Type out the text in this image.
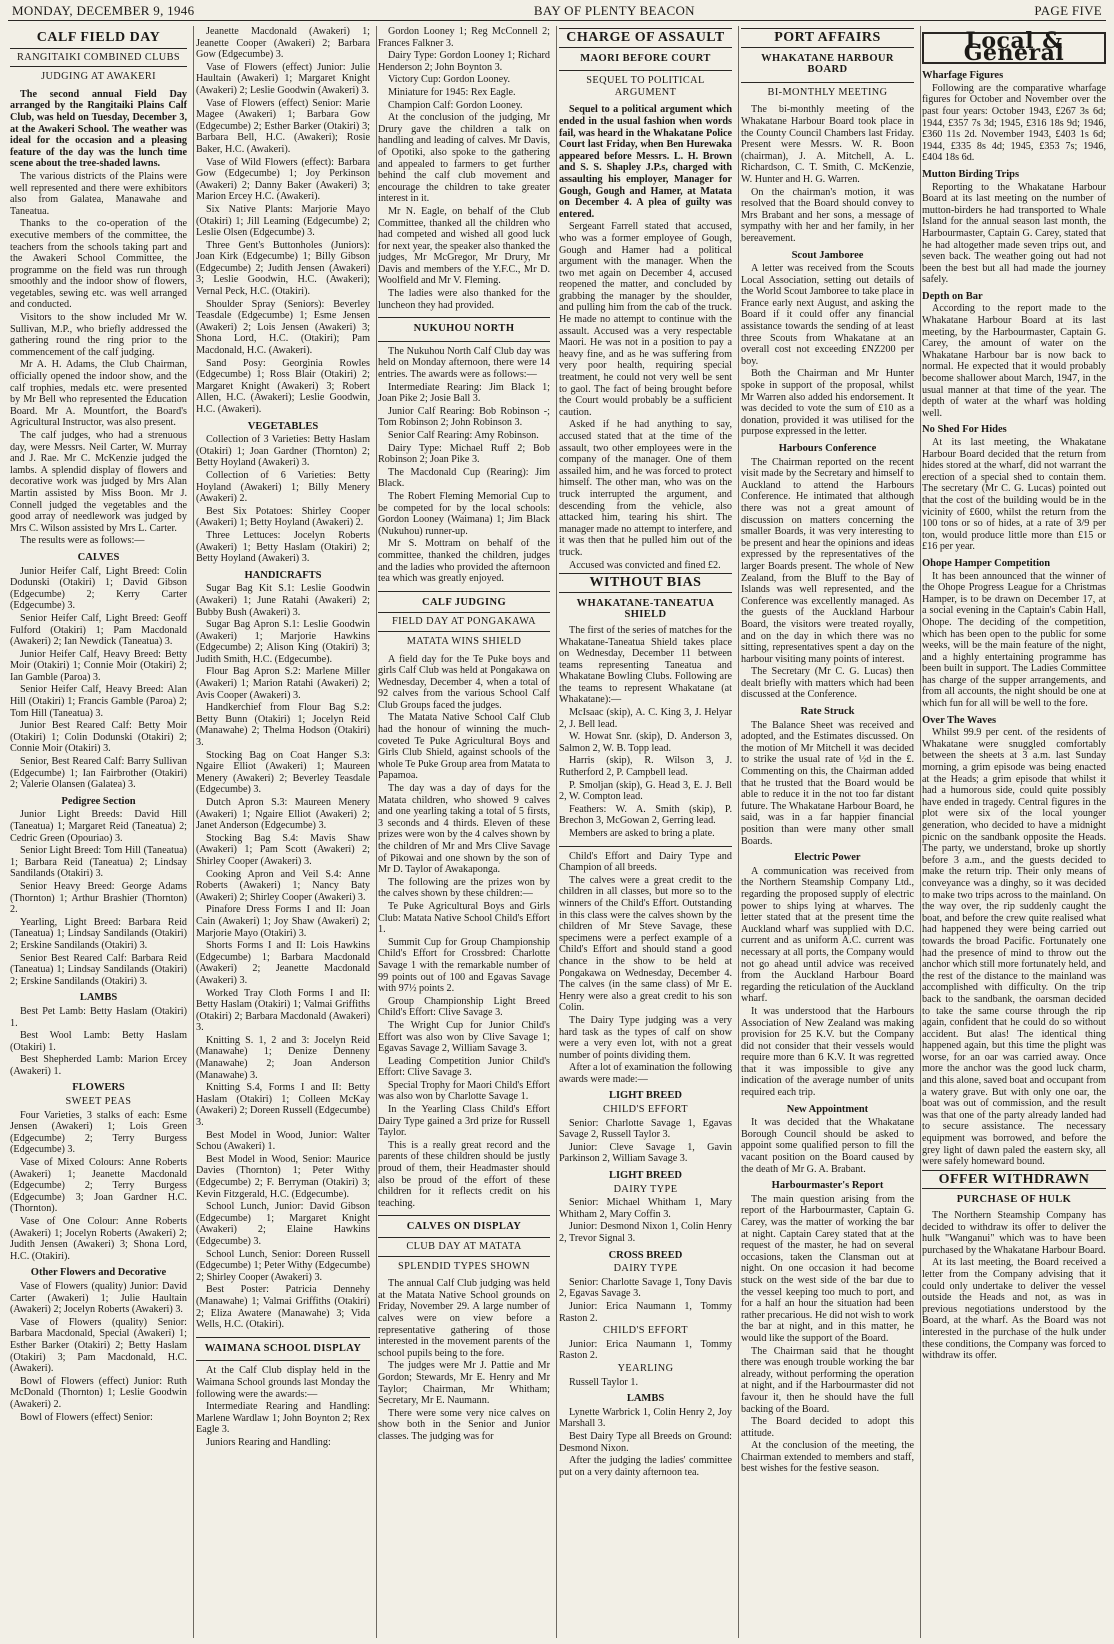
MONDAY, DECEMBER 9, 1946	BAY OF PLENTY BEACON	PAGE FIVE
CALF FIELD DAY
RANGITAIKI COMBINED CLUBS
JUDGING AT AWAKERI

The second annual Field Day arranged by the Rangitaiki Plains Calf Club, was held on Tuesday, December 3, at the Awakeri School. The weather was ideal for the occasion and a pleasing feature of the day was the lunch time scene about the tree-shaded lawns.

The various districts of the Plains were well represented and there were exhibitors also from Galatea, Manawahe and Taneatua.

Thanks to the co-operation of the executive members of the committee, the teachers from the schools taking part and the Awakeri School Committee, the programme on the field was run through smoothly and the indoor show of flowers, vegetables, sewing etc. was well arranged and conducted.

Visitors to the show included Mr W. Sullivan, M.P., who briefly addressed the gathering round the ring prior to the commencement of the calf judging.

Mr A. H. Adams, the Club Chairman, officially opened the indoor show, and the calf trophies, medals etc. were presented by Mr Bell who represented the Education Board. Mr A. Mountfort, the Board's Agricultural Instructor, was also present.

The calf judges, who had a strenuous day, were Messrs. Neil Carter, W. Murray and J. Rae. Mr C. McKenzie judged the lambs. A splendid display of flowers and decorative work was judged by Mrs Alan Martin assisted by Miss Boon. Mr J. Connell judged the vegetables and the good array of needlework was judged by Mrs C. Wilson assisted by Mrs L. Carter.

The results were as follows:—

CALVES

Junior Heifer Calf, Light Breed: Colin Dodunski (Otakiri) 1; David Gibson (Edgecumbe) 2; Kerry Carter (Edgecumbe) 3.

Senior Heifer Calf, Light Breed: Geoff Fulford (Otakiri) 1; Pam Macdonald (Awakeri) 2; Ian Newdick (Taneatua) 3.

Junior Heifer Calf, Heavy Breed: Betty Moir (Otakiri) 1; Connie Moir (Otakiri) 2; Ian Gamble (Paroa) 3.

Senior Heifer Calf, Heavy Breed: Alan Hill (Otakiri) 1; Francis Gamble (Paroa) 2; Tom Hill (Taneatua) 3.

Junior Best Reared Calf: Betty Moir (Otakiri) 1; Colin Dodunski (Otakiri) 2; Connie Moir (Otakiri) 3.

Senior, Best Reared Calf: Barry Sullivan (Edgecumbe) 1; Ian Fairbrother (Otakiri) 2; Valerie Olansen (Galatea) 3.

Pedigree Section

Junior Light Breeds: David Hill (Taneatua) 1; Margaret Reid (Taneatua) 2; Cedric Green (Opouriao) 3.

Senior Light Breed: Tom Hill (Taneatua) 1; Barbara Reid (Taneatua) 2; Lindsay Sandilands (Otakiri) 3.

Senior Heavy Breed: George Adams (Thornton) 1; Arthur Brashier (Thornton) 2.

Yearling, Light Breed: Barbara Reid (Taneatua) 1; Lindsay Sandilands (Otakiri) 2; Erskine Sandilands (Otakiri) 3.

Senior Best Reared Calf: Barbara Reid (Taneatua) 1; Lindsay Sandilands (Otakiri) 2; Erskine Sandilands (Otakiri) 3.

LAMBS

Best Pet Lamb: Betty Haslam (Otakiri) 1.

Best Wool Lamb: Betty Haslam (Otakiri) 1.

Best Shepherded Lamb: Marion Ercey (Awakeri) 1.

FLOWERS
SWEET PEAS

Four Varieties, 3 stalks of each: Esme Jensen (Awakeri) 1; Lois Green (Edgecumbe) 2; Terry Burgess (Edgecumbe) 3.

Vase of Mixed Colours: Anne Roberts (Awakeri) 1; Jeanette Macdonald (Edgecumbe) 2; Terry Burgess (Edgecumbe) 3; Joan Gardner H.C. (Thornton).

Vase of One Colour: Anne Roberts (Awakeri) 1; Jocelyn Roberts (Awakeri) 2; Judith Jensen (Awakeri) 3; Shona Lord, H.C. (Otakiri).

Other Flowers and Decorative

Vase of Flowers (quality) Junior: David Carter (Awakeri) 1; Julie Haultain (Awakeri) 2; Jocelyn Roberts (Awakeri) 3.

Vase of Flowers (quality) Senior: Barbara Macdonald, Special (Awakeri) 1; Esther Barker (Otakiri) 2; Betty Haslam (Otakiri) 3; Pam Macdonald, H.C. (Awakeri).

Bowl of Flowers (effect) Junior: Ruth McDonald (Thornton) 1; Leslie Goodwin (Awakeri) 2.

Bowl of Flowers (effect) Senior:

Jeanette Macdonald (Awakeri) 1; Jeanette Cooper (Awakeri) 2; Barbara Gow (Edgecumbe) 3.

Vase of Flowers (effect) Junior: Julie Haultain (Awakeri) 1; Margaret Knight (Awakeri) 2; Leslie Goodwin (Awakeri) 3.

Vase of Flowers (effect) Senior: Marie Magee (Awakeri) 1; Barbara Gow (Edgecumbe) 2; Esther Barker (Otakiri) 3; Barbara Bell, H.C. (Awakeri); Rosie Baker, H.C. (Awakeri).

Vase of Wild Flowers (effect): Barbara Gow (Edgecumbe) 1; Joy Perkinson (Awakeri) 2; Danny Baker (Awakeri) 3; Marion Ercey H.C. (Awakeri).

Six Native Plants: Marjorie Mayo (Otakiri) 1; Jill Leaming (Edgecumbe) 2; Leslie Olsen (Edgecumbe) 3.

Three Gent's Buttonholes (Juniors): Joan Kirk (Edgecumbe) 1; Billy Gibson (Edgecumbe) 2; Judith Jensen (Awakeri) 3; Leslie Goodwin, H.C. (Awakeri); Vernal Peck, H.C. (Otakiri).

Shoulder Spray (Seniors): Beverley Teasdale (Edgecumbe) 1; Esme Jensen (Awakeri) 2; Lois Jensen (Awakeri) 3; Shona Lord, H.C. (Otakiri); Pam Macdonald, H.C. (Awakeri).

Sand Posy: Georginia Rowles (Edgecumbe) 1; Ross Blair (Otakiri) 2; Margaret Knight (Awakeri) 3; Robert Allen, H.C. (Awakeri); Leslie Goodwin, H.C. (Awakeri).

VEGETABLES

Collection of 3 Varieties: Betty Haslam (Otakiri) 1; Joan Gardner (Thornton) 2; Betty Hoyland (Awakeri) 3.

Collection of 6 Varieties: Betty Hoyland (Awakeri) 1; Billy Menery (Awakeri) 2.

Best Six Potatoes: Shirley Cooper (Awakeri) 1; Betty Hoyland (Awakeri) 2.

Three Lettuces: Jocelyn Roberts (Awakeri) 1; Betty Haslam (Otakiri) 2; Betty Hoyland (Awakeri) 3.

HANDICRAFTS

Sugar Bag Kit S.1: Leslie Goodwin (Awakeri) 1; June Ratahi (Awakeri) 2; Bubby Bush (Awakeri) 3.

Sugar Bag Apron S.1: Leslie Goodwin (Awakeri) 1; Marjorie Hawkins (Edgecumbe) 2; Alison King (Otakiri) 3; Judith Smith, H.C. (Edgecumbe).

Flour Bag Apron S.2: Marlene Miller (Awakeri) 1; Marion Ratahi (Awakeri) 2; Avis Cooper (Awakeri) 3.

Handkerchief from Flour Bag S.2: Betty Bunn (Otakiri) 1; Jocelyn Reid (Manawahe) 2; Thelma Hodson (Otakiri) 3.

Stocking Bag on Coat Hanger S.3: Ngaire Elliot (Awakeri) 1; Maureen Menery (Awakeri) 2; Beverley Teasdale (Edgecumbe) 3.

Dutch Apron S.3: Maureen Menery (Awakeri) 1; Ngaire Elliot (Awakeri) 2; Janet Anderson (Edgecumbe) 3.

Stocking Bag S.4: Mavis Shaw (Awakeri) 1; Pam Scott (Awakeri) 2; Shirley Cooper (Awakeri) 3.

Cooking Apron and Veil S.4: Anne Roberts (Awakeri) 1; Nancy Baty (Awakeri) 2; Shirley Cooper (Awakeri) 3.

Pinafore Dress Forms I and II: Joan Cain (Awakeri) 1; Joy Shaw (Awakeri) 2; Marjorie Mayo (Otakiri) 3.

Shorts Forms I and II: Lois Hawkins (Edgecumbe) 1; Barbara Macdonald (Awakeri) 2; Jeanette Macdonald (Awakeri) 3.

Worked Tray Cloth Forms I and II: Betty Haslam (Otakiri) 1; Valmai Griffiths (Otakiri) 2; Barbara Macdonald (Awakeri) 3.

Knitting S. 1, 2 and 3: Jocelyn Reid (Manawahe) 1; Denize Denneny (Manawahe) 2; Joan Anderson (Manawahe) 3.

Knitting S.4, Forms I and II: Betty Haslam (Otakiri) 1; Colleen McKay (Awakeri) 2; Doreen Russell (Edgecumbe) 3.

Best Model in Wood, Junior: Walter Schou (Awakeri) 1.

Best Model in Wood, Senior: Maurice Davies (Thornton) 1; Peter Withy (Edgecumbe) 2; F. Berryman (Otakiri) 3; Kevin Fitzgerald, H.C. (Edgecumbe).

School Lunch, Junior: David Gibson (Edgecumbe) 1; Margaret Knight (Awakeri) 2; Elaine Hawkins (Edgecumbe) 3.

School Lunch, Senior: Doreen Russell (Edgecumbe) 1; Peter Withy (Edgecumbe) 2; Shirley Cooper (Awakeri) 3.

Best Poster: Patricia Dennehy (Manawahe) 1; Valmai Griffiths (Otakiri) 2; Eliza Awatere (Manawahe) 3; Vida Wells, H.C. (Otakiri).

WAIMANA SCHOOL DISPLAY

At the Calf Club display held in the Waimana School grounds last Monday the following were the awards:—

Intermediate Rearing and Handling: Marlene Wardlaw 1; John Boynton 2; Rex Eagle 3.

Juniors Rearing and Handling:

Gordon Looney 1; Reg McConnell 2; Frances Falkner 3.

Dairy Type: Gordon Looney 1; Richard Henderson 2; John Boynton 3.

Victory Cup: Gordon Looney.

Miniature for 1945: Rex Eagle.

Champion Calf: Gordon Looney.

At the conclusion of the judging, Mr Drury gave the children a talk on handling and leading of calves. Mr Davis, of Opotiki, also spoke to the gathering and appealed to farmers to get further behind the calf club movement and encourage the children to take greater interest in it.

Mr N. Eagle, on behalf of the Club Committee, thanked all the children who had competed and wished all good luck for next year, the speaker also thanked the judges, Mr McGregor, Mr Drury, Mr Davis and members of the Y.F.C., Mr D. Woolfield and Mr V. Fleming.

The ladies were also thanked for the luncheon they had provided.

NUKUHOU NORTH

The Nukuhou North Calf Club day was held on Monday afternoon, there were 14 entries. The awards were as follows:—

Intermediate Rearing: Jim Black 1; Joan Pike 2; Josie Ball 3.

Junior Calf Rearing: Bob Robinson -; Tom Robinson 2; John Robinson 3.

Senior Calf Rearing: Amy Robinson.

Dairy Type: Michael Ruff 2; Bob Robinson 2; Joan Pike 3.

The Macdonald Cup (Rearing): Jim Black.

The Robert Fleming Memorial Cup to be competed for by the local schools: Gordon Looney (Waimana) 1; Jim Black (Nukuhou) runner-up.

Mr S. Mottram on behalf of the committee, thanked the children, judges and the ladies who provided the afternoon tea which was greatly enjoyed.

CALF JUDGING
FIELD DAY AT PONGAKAWA
MATATA WINS SHIELD

A field day for the Te Puke boys and girls Calf Club was held at Pongakawa on Wednesday, December 4, when a total of 92 calves from the various School Calf Club Groups faced the judges.

The Matata Native School Calf Club had the honour of winning the much-coveted Te Puke Agricultural Boys and Girls Club Shield, against schools of the whole Te Puke Group area from Matata to Papamoa.

The day was a day of days for the Matata children, who showed 9 calves and one yearling taking a total of 5 firsts, 3 seconds and 4 thirds. Eleven of these prizes were won by the 4 calves shown by the children of Mr and Mrs Clive Savage of Pikowai and one shown by the son of Mr D. Taylor of Awakaponga.

The following are the prizes won by the calves shown by these children:—

Te Puke Agricultural Boys and Girls Club: Matata Native School Child's Effort 1.

Summit Cup for Group Championship Child's Effort for Crossbred: Charlotte Savage 1 with the remarkable number of 99 points out of 100 and Egavas Savage with 97½ points 2.

Group Championship Light Breed Child's Effort: Clive Savage 3.

The Wright Cup for Junior Child's Effort was also won by Clive Savage 1; Egavas Savage 2, William Savage 3.

Leading Competition Junior Child's Effort: Clive Savage 3.

Special Trophy for Maori Child's Effort was also won by Charlotte Savage 1.

In the Yearling Class Child's Effort Dairy Type gained a 3rd prize for Russell Taylor.

This is a really great record and the parents of these children should be justly proud of them, their Headmaster should also be proud of the effort of these children for it reflects credit on his teaching.

CALVES ON DISPLAY
CLUB DAY AT MATATA
SPLENDID TYPES SHOWN

The annual Calf Club judging was held at the Matata Native School grounds on Friday, November 29. A large number of calves were on view before a representative gathering of those interested in the movement parents of the school pupils being to the fore.

The judges were Mr J. Pattie and Mr Gordon; Stewards, Mr E. Henry and Mr Taylor; Chairman, Mr Whitham; Secretary, Mr E. Naumann.

There were some very nice calves on show both in the Senior and Junior classes. The judging was for

CHARGE OF ASSAULT
MAORI BEFORE COURT
SEQUEL TO POLITICAL ARGUMENT

Sequel to a political argument which ended in the usual fashion when words fail, was heard in the Whakatane Police Court last Friday, when Ben Hurewaka appeared before Messrs. L. H. Brown and S. S. Shapley J.P.s, charged with assaulting his employer, Manager for Gough, Gough and Hamer, at Matata on December 4. A plea of guilty was entered.

Sergeant Farrell stated that accused, who was a former employee of Gough, Gough and Hamer had a political argument with the manager. When the two met again on December 4, accused reopened the matter, and concluded by grabbing the manager by the shoulder, and pulling him from the cab of the truck. He made no attempt to continue with the assault. Accused was a very respectable Maori. He was not in a position to pay a heavy fine, and as he was suffering from very poor health, requiring special treatment, he could not very well be sent to gaol. The fact of being brought before the Court would probably be a sufficient caution.

Asked if he had anything to say, accused stated that at the time of the assault, two other employees were in the company of the manager. One of them assailed him, and he was forced to protect himself. The other man, who was on the truck interrupted the argument, and descending from the vehicle, also attacked him, tearing his shirt. The manager made no attempt to interfere, and it was then that he pulled him out of the truck.

Accused was convicted and fined £2.

WITHOUT BIAS
WHAKATANE-TANEATUA SHIELD

The first of the series of matches for the Whakatane-Taneatua Shield takes place on Wednesday, December 11 between teams representing Taneatua and Whakatane Bowling Clubs. Following are the teams to represent Whakatane (at Whakatane):—

McIsaac (skip), A. C. King 3, J. Helyar 2, J. Bell lead.

W. Howat Snr. (skip), D. Anderson 3, Salmon 2, W. B. Topp lead.

Harris (skip), R. Wilson 3, J. Rutherford 2, P. Campbell lead.

P. Smoljan (skip), G. Head 3, E. J. Bell 2, W. Compton lead.

Feathers: W. A. Smith (skip), P. Brechon 3, McGowan 2, Gerring lead.

Members are asked to bring a plate.

Child's Effort and Dairy Type and Champion of all breeds.

The calves were a great credit to the children in all classes, but more so to the winners of the Child's Effort. Outstanding in this class were the calves shown by the children of Mr Steve Savage, these specimens were a perfect example of a Child's Effort and should stand a good chance in the show to be held at Pongakawa on Wednesday, December 4. The calves (in the same class) of Mr E. Henry were also a great credit to his son Colin.

The Dairy Type judging was a very hard task as the types of calf on show were a very even lot, with not a great number of points dividing them.

After a lot of examination the following awards were made:—

LIGHT BREED
CHILD'S EFFORT

Senior: Charlotte Savage 1, Egavas Savage 2, Russell Taylor 3.

Junior: Cleve Savage 1, Gavin Parkinson 2, William Savage 3.

LIGHT BREED
DAIRY TYPE

Senior: Michael Whitham 1, Mary Whitham 2, Mary Coffin 3.

Junior: Desmond Nixon 1, Colin Henry 2, Trevor Signal 3.

CROSS BREED
DAIRY TYPE

Senior: Charlotte Savage 1, Tony Davis 2, Egavas Savage 3.

Junior: Erica Naumann 1, Tommy Raston 2.

CHILD'S EFFORT

Junior: Erica Naumann 1, Tommy Raston 2.

YEARLING

Russell Taylor 1.

LAMBS

Lynette Warbrick 1, Colin Henry 2, Joy Marshall 3.

Best Dairy Type all Breeds on Ground: Desmond Nixon.

After the judging the ladies' committee put on a very dainty afternoon tea.

PORT AFFAIRS
WHAKATANE HARBOUR BOARD
BI-MONTHLY MEETING

The bi-monthly meeting of the Whakatane Harbour Board took place in the County Council Chambers last Friday. Present were Messrs. W. R. Boon (chairman), J. A. Mitchell, A. L. Richardson, C. T. Smith, C. McKenzie, W. Hunter and H. G. Warren.

On the chairman's motion, it was resolved that the Board should convey to Mrs Brabant and her sons, a message of sympathy with her and her family, in her bereavement.

Scout Jamboree

A letter was received from the Scouts Local Association, setting out details of the World Scout Jamboree to take place in France early next August, and asking the Board if it could offer any financial assistance towards the sending of at least three Scouts from Whakatane at an overall cost not exceeding £NZ200 per boy.

Both the Chairman and Mr Hunter spoke in support of the proposal, whilst Mr Warren also added his endorsement. It was decided to vote the sum of £10 as a donation, provided it was utilised for the purpose expressed in the letter.

Harbours Conference

The Chairman reported on the recent visit made by the Secretary and himself to Auckland to attend the Harbours Conference. He intimated that although there was not a great amount of discussion on matters concerning the smaller Boards, it was very interesting to be present and hear the opinions and ideas expressed by the representatives of the larger Boards present. The whole of New Zealand, from the Bluff to the Bay of Islands was well represented, and the Conference was excellently managed. As the guests of the Auckland Harbour Board, the visitors were treated royally, and on the day in which there was no sitting, representatives spent a day on the harbour visiting many points of interest.

The Secretary (Mr C. G. Lucas) then dealt briefly with matters which had been discussed at the Conference.

Rate Struck

The Balance Sheet was received and adopted, and the Estimates discussed. On the motion of Mr Mitchell it was decided to strike the usual rate of ½d in the £. Commenting on this, the Chairman added that he trusted that the Board would be able to reduce it in the not too far distant future. The Whakatane Harbour Board, he said, was in a far happier financial position than were many other small Boards.

Electric Power

A communication was received from the Northern Steamship Company Ltd., regarding the proposed supply of electric power to ships lying at wharves. The letter stated that at the present time the Auckland wharf was supplied with D.C. current and as uniform A.C. current was necessary at all ports, the Company would not go ahead until advice was received from the Auckland Harbour Board regarding the reticulation of the Auckland wharf.

It was understood that the Harbours Association of New Zealand was making provision for 25 K.V. but the Company did not consider that their vessels would require more than 6 K.V. It was regretted that it was impossible to give any indication of the average number of units required each trip.

New Appointment

It was decided that the Whakatane Borough Council should be asked to appoint some qualified person to fill the vacant position on the Board caused by the death of Mr G. A. Brabant.

Harbourmaster's Report

The main question arising from the report of the Harbourmaster, Captain G. Carey, was the matter of working the bar at night. Captain Carey stated that at the request of the master, he had on several occasions, taken the Clansman out at night. On one occasion it had become stuck on the west side of the bar due to the vessel keeping too much to port, and for a half an hour the situation had been rather precarious. He did not wish to work the bar at night, and in this matter, he would like the support of the Board.

The Chairman said that he thought there was enough trouble working the bar already, without performing the operation at night, and if the Harbourmaster did not favour it, then he should have the full backing of the Board.

The Board decided to adopt this attitude.

At the conclusion of the meeting, the Chairman extended to members and staff, best wishes for the festive season.

Local & General
Wharfage Figures

Following are the comparative wharfage figures for October and November over the past four years: October 1943, £267 3s 6d; 1944, £357 7s 3d; 1945, £316 18s 9d; 1946, £360 11s 2d. November 1943, £403 1s 6d; 1944, £335 8s 4d; 1945, £353 7s; 1946, £404 18s 6d.

Mutton Birding Trips

Reporting to the Whakatane Harbour Board at its last meeting on the number of mutton-birders he had transported to Whale Island for the annual season last month, the Harbourmaster, Captain G. Carey, stated that he had altogether made seven trips out, and seven back. The weather going out had not been the best but all had made the journey safely.

Depth on Bar

According to the report made to the Whakatane Harbour Board at its last meeting, by the Harbourmaster, Captain G. Carey, the amount of water on the Whakatane Harbour bar is now back to normal. He expected that it would probably become shallower about March, 1947, in the usual manner at that time of the year. The depth of water at the wharf was holding well.

No Shed For Hides

At its last meeting, the Whakatane Harbour Board decided that the return from hides stored at the wharf, did not warrant the erection of a special shed to contain them. The secretary (Mr C. G. Lucas) pointed out that the cost of the building would be in the vicinity of £600, whilst the return from the 100 tons or so of hides, at a rate of 3/9 per ton, would produce little more than £15 or £16 per year.

Ohope Hamper Competition

It has been announced that the winner of the Ohope Progress League for a Christmas Hamper, is to be drawn on December 17, at a social evening in the Captain's Cabin Hall, Ohope. The deciding of the competition, which has been open to the public for some weeks, will be the main feature of the night, and a highly entertaining programme has been built in support. The Ladies Committee has charge of the supper arrangements, and from all accounts, the night should be one at which fun for all will be well to the fore.

Over The Waves

Whilst 99.9 per cent. of the residents of Whakatane were snuggled comfortably between the sheets at 3 a.m. last Sunday morning, a grim episode was being enacted at the Heads; a grim episode that whilst it had a humorous side, could quite possibly have ended in tragedy. Central figures in the plot were six of the local younger generation, who decided to have a midnight picnic on the sandbank opposite the Heads. The party, we understand, broke up shortly before 3 a.m., and the guests decided to make the return trip. Their only means of conveyance was a dinghy, so it was decided to make two trips across to the mainland. On the way over, the rip suddenly caught the boat, and before the crew quite realised what had happened they were being carried out towards the broad Pacific. Fortunately one had the presence of mind to throw out the anchor which still more fortunately held, and the rest of the distance to the mainland was accomplished with difficulty. On the trip back to the sandbank, the oarsman decided to take the same course through the rip again, confident that he could do so without accident. But alas! The identical thing happened again, but this time the plight was worse, for an oar was carried away. Once more the anchor was the good luck charm, and this alone, saved boat and occupant from a watery grave. But with only one oar, the boat was out of commission, and the result was that one of the party already landed had to secure assistance. The necessary equipment was borrowed, and before the grey light of dawn paled the eastern sky, all were safely homeward bound.

OFFER WITHDRAWN
PURCHASE OF HULK

The Northern Steamship Company has decided to withdraw its offer to deliver the hulk "Wanganui" which was to have been purchased by the Whakatane Harbour Board.

At its last meeting, the Board received a letter from the Company advising that it could only undertake to deliver the vessel outside the Heads and not, as was in previous negotiations understood by the Board, at the wharf. As the Board was not interested in the purchase of the hulk under these conditions, the Company was forced to withdraw its offer.
